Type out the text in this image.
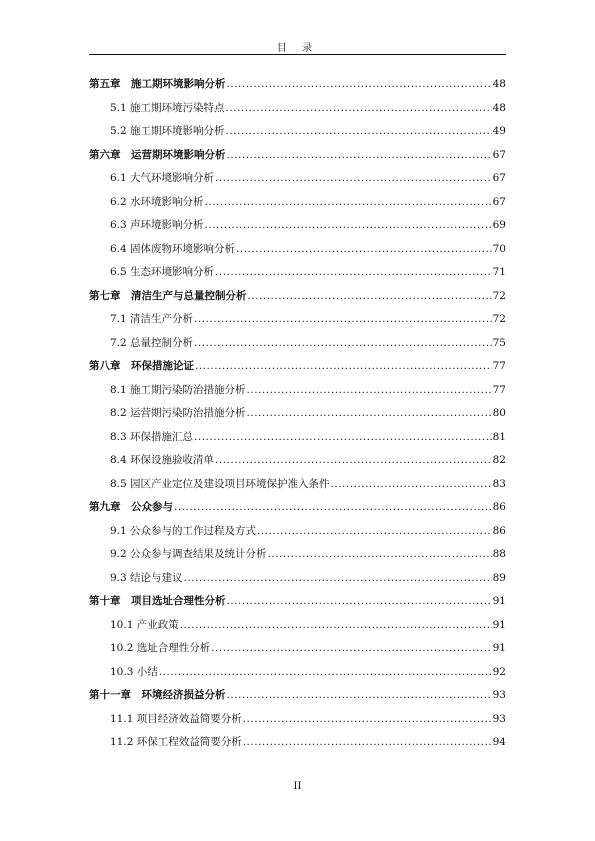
目 录
第五章　施工期环境影响分析 .....	48
5.1 施工期环境污染特点 .....	48
5.2 施工期环境影响分析 .....	49
第六章　运营期环境影响分析 .....	67
6.1 大气环境影响分析 .....	67
6.2 水环境影响分析 .....	67
6.3 声环境影响分析 .....	69
6.4 固体废物环境影响分析 .....	70
6.5 生态环境影响分析 .....	71
第七章　清洁生产与总量控制分析 .....	72
7.1 清洁生产分析 .....	72
7.2 总量控制分析 .....	75
第八章　环保措施论证 .....	77
8.1 施工期污染防治措施分析 .....	77
8.2 运营期污染防治措施分析 .....	80
8.3 环保措施汇总 .....	81
8.4 环保设施验收清单 .....	82
8.5 园区产业定位及建设项目环境保护准入条件 .....	83
第九章　公众参与 .....	86
9.1 公众参与的工作过程及方式 .....	86
9.2 公众参与调查结果及统计分析 .....	88
9.3 结论与建议 .....	89
第十章　项目选址合理性分析 .....	91
10.1 产业政策 .....	91
10.2 选址合理性分析 .....	91
10.3 小结 .....	92
第十一章　环境经济损益分析 .....	93
11.1 项目经济效益简要分析 .....	93
11.2 环保工程效益简要分析 .....	94
II
